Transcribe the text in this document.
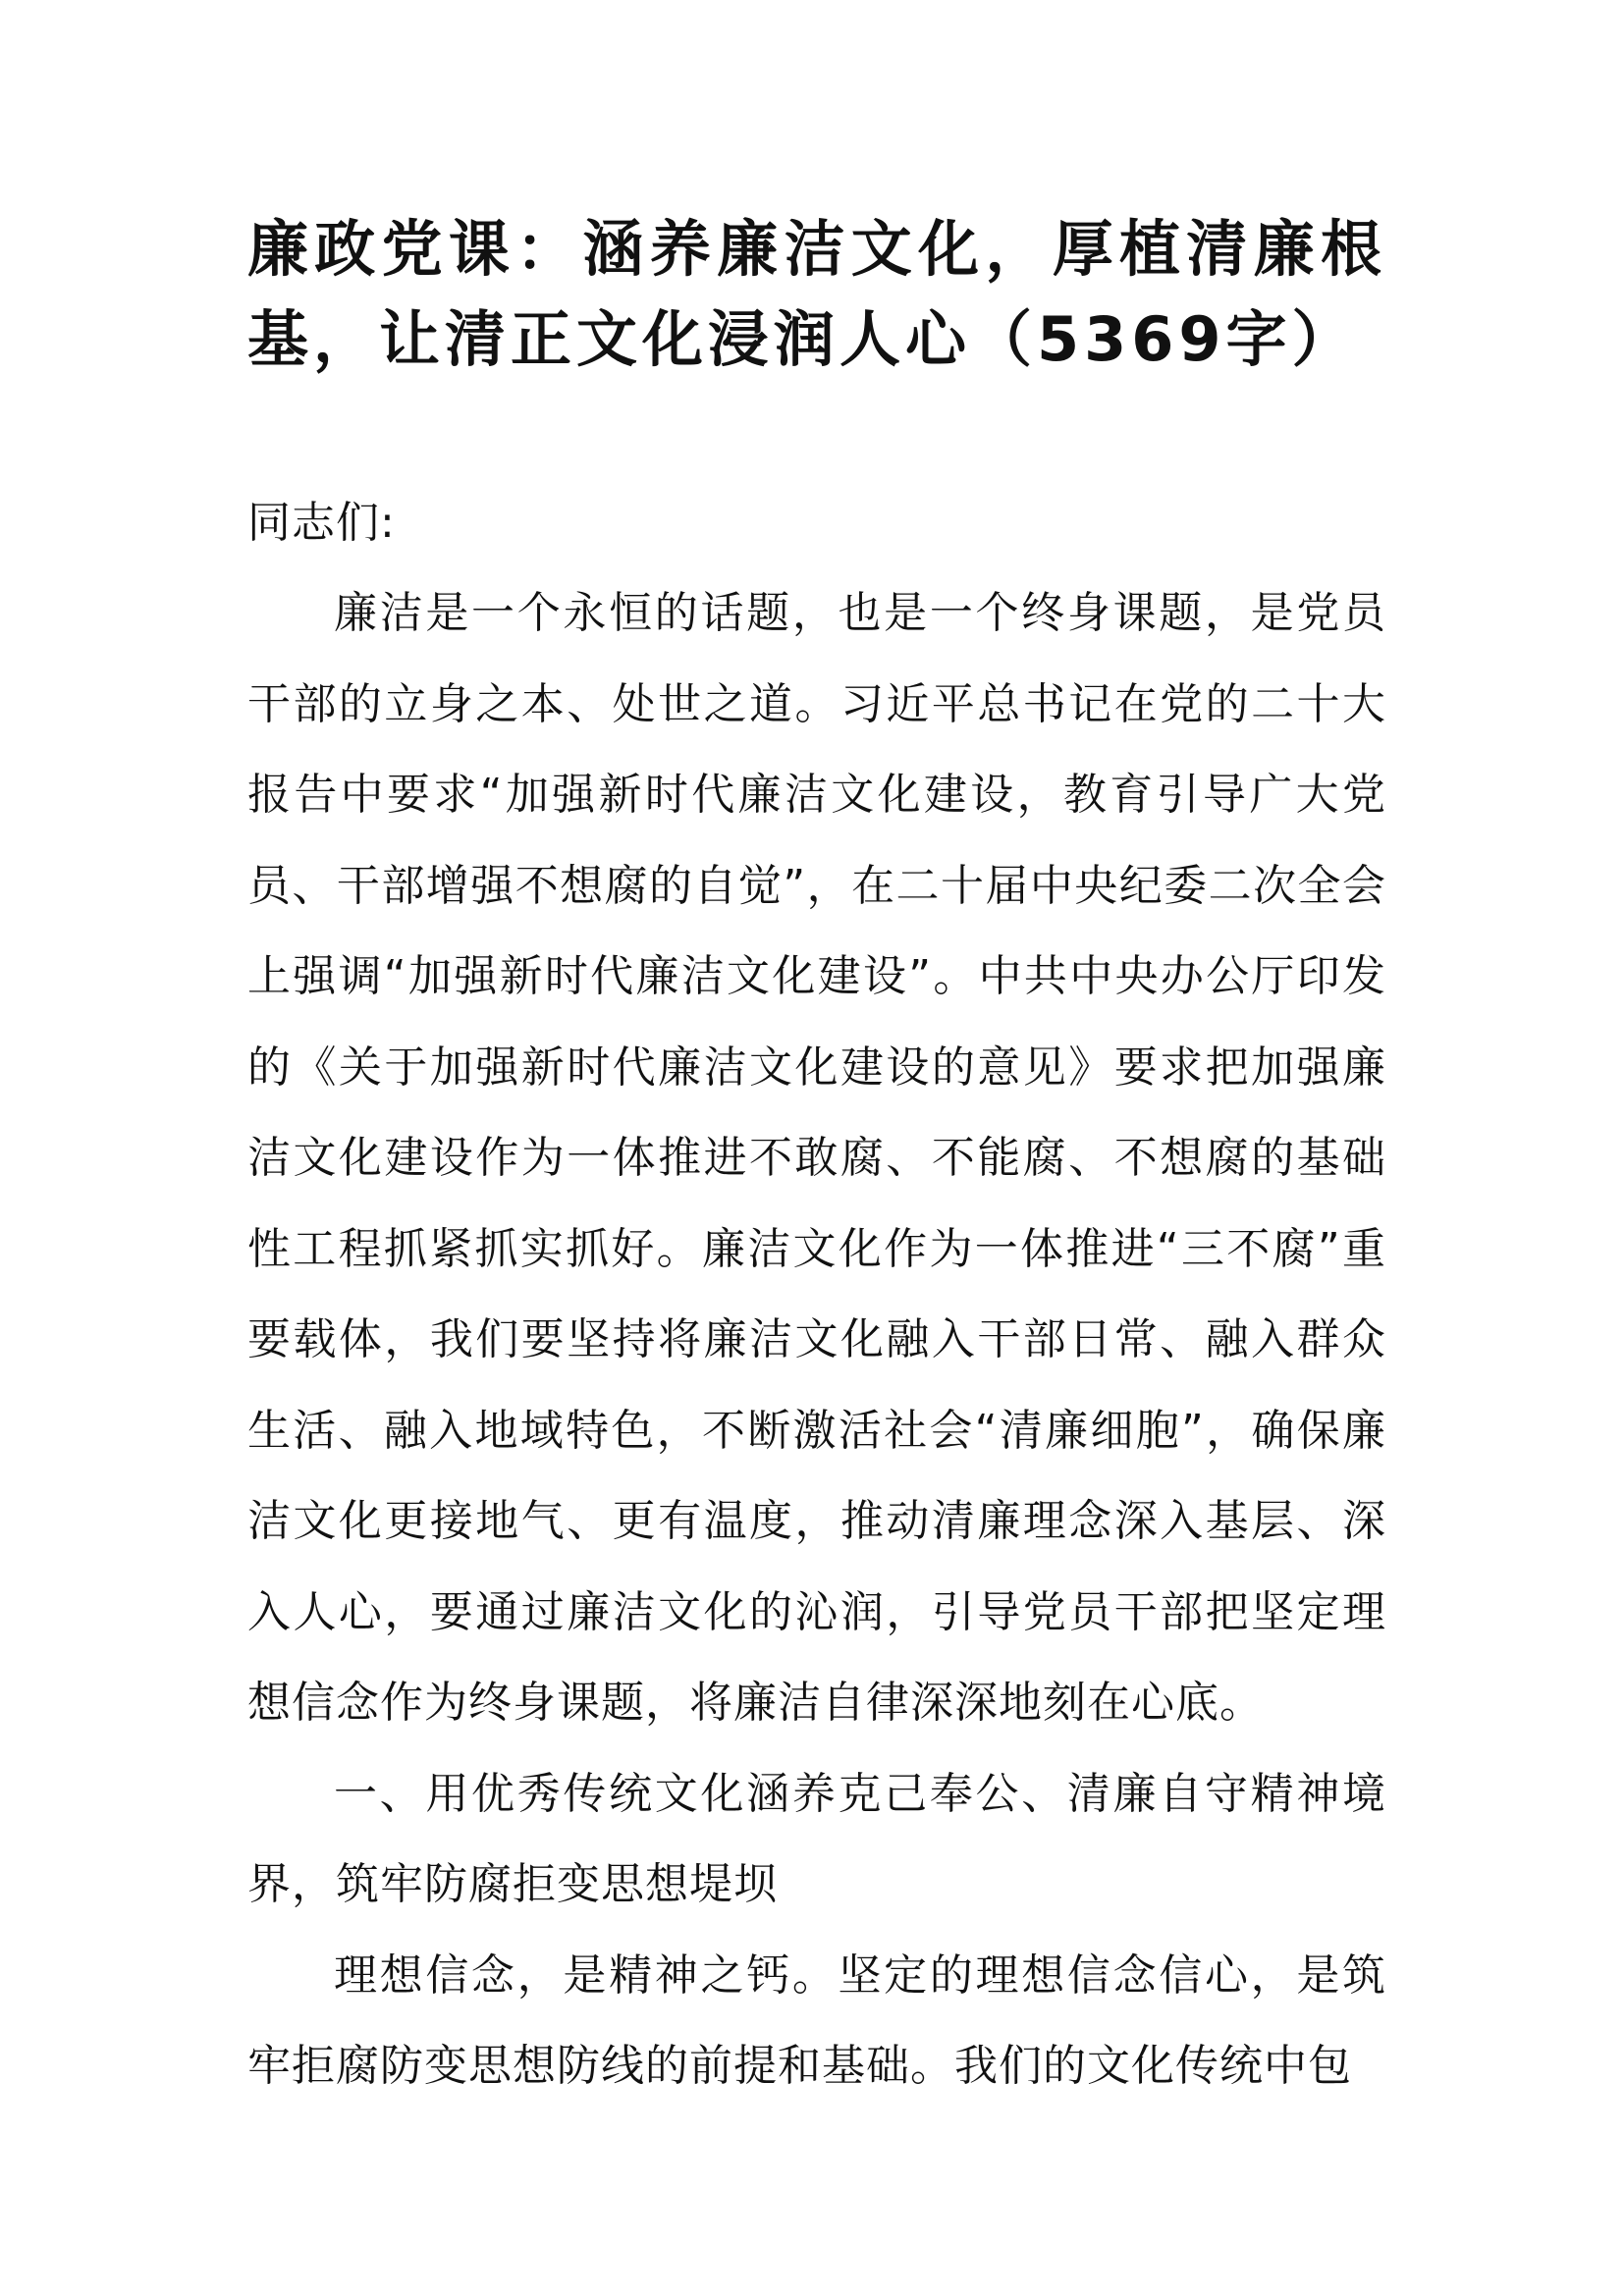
廉政党课：涵养廉洁文化，厚植清廉根基，让清正文化浸润人心（5369字）

同志们:

廉洁是一个永恒的话题，也是一个终身课题，是党员干部的立身之本、处世之道。习近平总书记在党的二十大报告中要求“加强新时代廉洁文化建设，教育引导广大党员、干部增强不想腐的自觉”，在二十届中央纪委二次全会上强调“加强新时代廉洁文化建设”。中共中央办公厅印发的《关于加强新时代廉洁文化建设的意见》要求把加强廉洁文化建设作为一体推进不敢腐、不能腐、不想腐的基础性工程抓紧抓实抓好。廉洁文化作为一体推进“三不腐”重要载体，我们要坚持将廉洁文化融入干部日常、融入群众生活、融入地域特色，不断激活社会“清廉细胞”，确保廉洁文化更接地气、更有温度，推动清廉理念深入基层、深入人心，要通过廉洁文化的沁润，引导党员干部把坚定理想信念作为终身课题，将廉洁自律深深地刻在心底。

一、用优秀传统文化涵养克己奉公、清廉自守精神境界，筑牢防腐拒变思想堤坝

理想信念，是精神之钙。坚定的理想信念信心，是筑牢拒腐防变思想防线的前提和基础。我们的文化传统中包
